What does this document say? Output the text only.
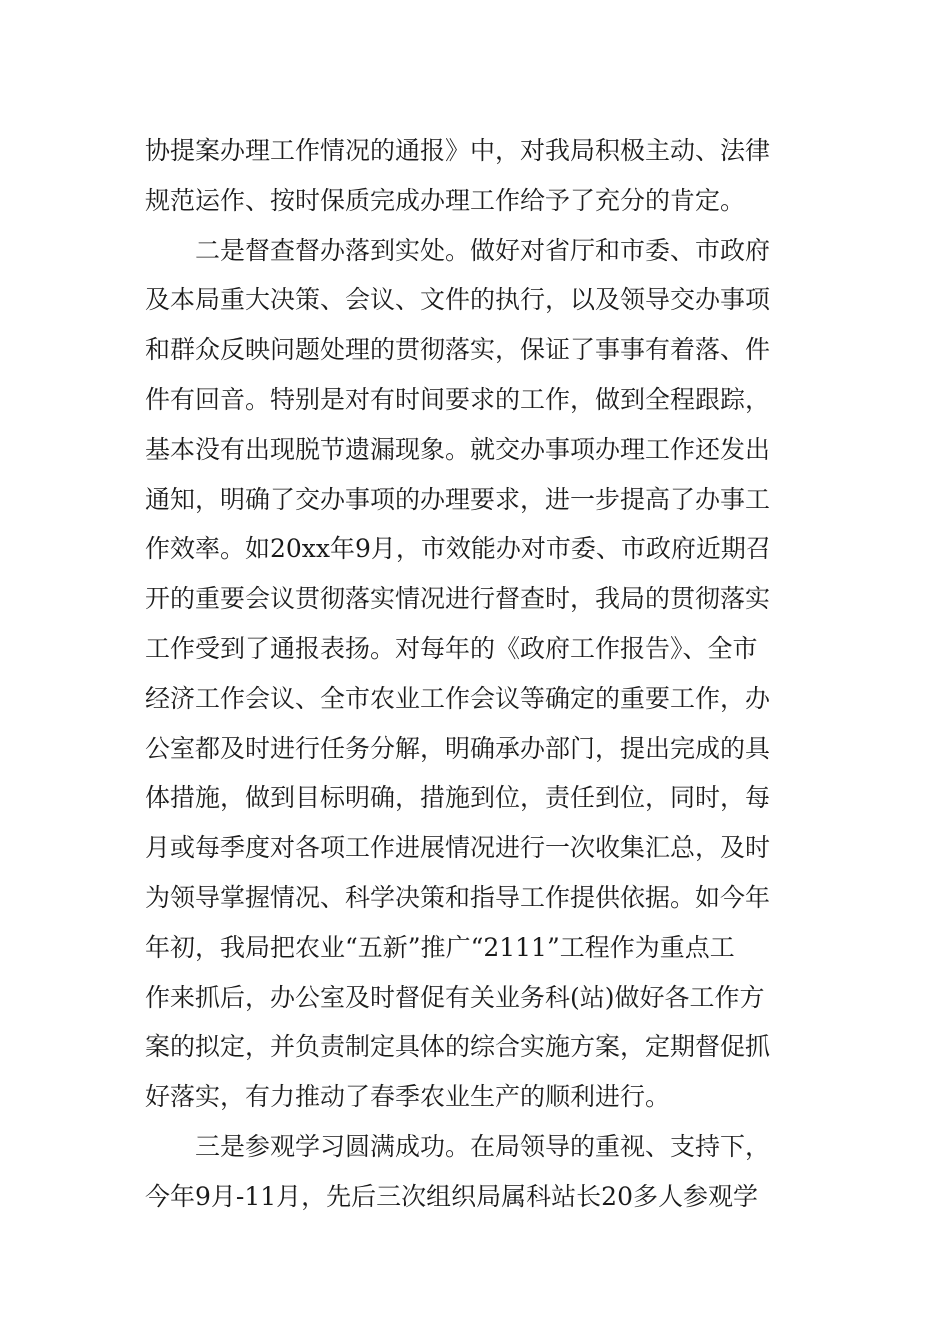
协提案办理工作情况的通报》中，对我局积极主动、法律
规范运作、按时保质完成办理工作给予了充分的肯定。
二是督查督办落到实处。做好对省厅和市委、市政府
及本局重大决策、会议、文件的执行，以及领导交办事项
和群众反映问题处理的贯彻落实，保证了事事有着落、件
件有回音。特别是对有时间要求的工作，做到全程跟踪，
基本没有出现脱节遗漏现象。就交办事项办理工作还发出
通知，明确了交办事项的办理要求，进一步提高了办事工
作效率。如20xx年9月，市效能办对市委、市政府近期召
开的重要会议贯彻落实情况进行督查时，我局的贯彻落实
工作受到了通报表扬。对每年的《政府工作报告》、全市
经济工作会议、全市农业工作会议等确定的重要工作，办
公室都及时进行任务分解，明确承办部门，提出完成的具
体措施，做到目标明确，措施到位，责任到位，同时，每
月或每季度对各项工作进展情况进行一次收集汇总，及时
为领导掌握情况、科学决策和指导工作提供依据。如今年
年初，我局把农业“五新”推广“2111”工程作为重点工
作来抓后，办公室及时督促有关业务科(站)做好各工作方
案的拟定，并负责制定具体的综合实施方案，定期督促抓
好落实，有力推动了春季农业生产的顺利进行。
三是参观学习圆满成功。在局领导的重视、支持下，
今年9月-11月，先后三次组织局属科站长20多人参观学
